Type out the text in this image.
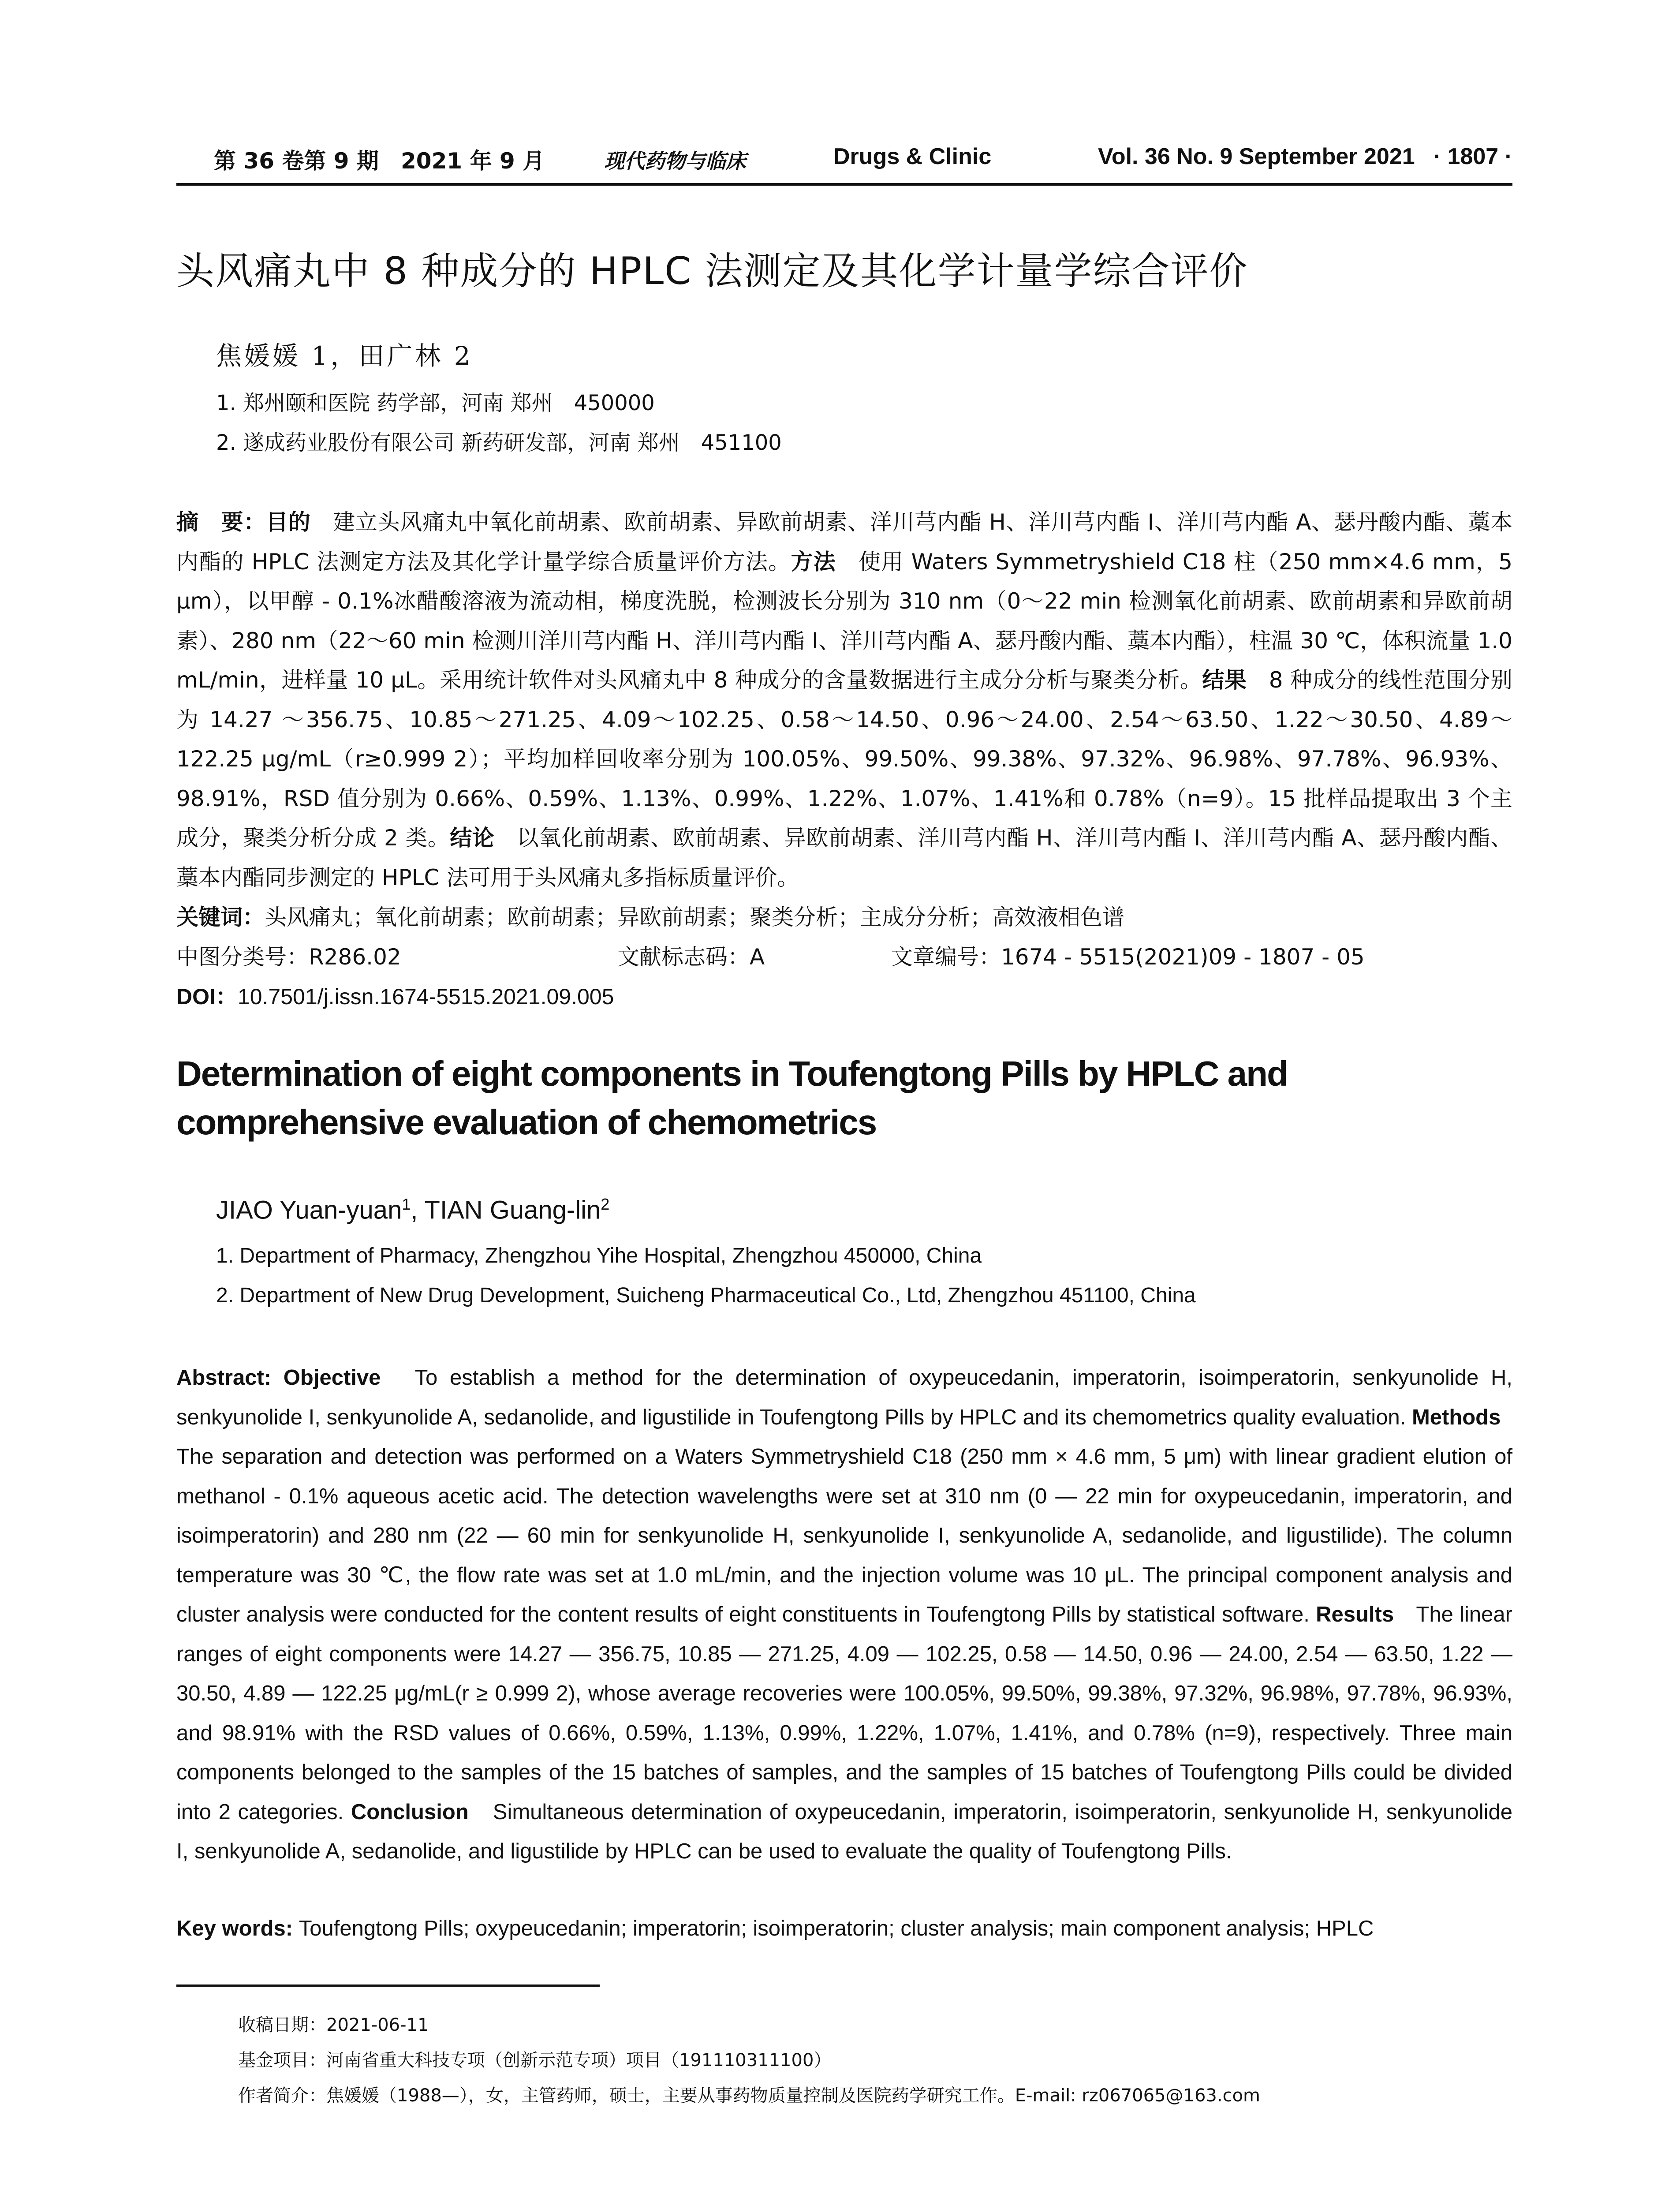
第 36 卷第 9 期　2021 年 9 月	现代药物与临床	Drugs & Clinic	Vol. 36 No. 9 September 2021 · 1807 ·
头风痛丸中 8 种成分的 HPLC 法测定及其化学计量学综合评价
焦媛媛 1，田广林 2
1. 郑州颐和医院 药学部，河南 郑州　450000
2. 遂成药业股份有限公司 新药研发部，河南 郑州　451100
摘　要：目的　建立头风痛丸中氧化前胡素、欧前胡素、异欧前胡素、洋川芎内酯 H、洋川芎内酯 I、洋川芎内酯 A、瑟丹酸内酯、藁本内酯的 HPLC 法测定方法及其化学计量学综合质量评价方法。方法　使用 Waters Symmetryshield C18 柱（250 mm×4.6 mm，5 μm），以甲醇 - 0.1%冰醋酸溶液为流动相，梯度洗脱，检测波长分别为 310 nm（0～22 min 检测氧化前胡素、欧前胡素和异欧前胡素）、280 nm（22～60 min 检测川洋川芎内酯 H、洋川芎内酯 I、洋川芎内酯 A、瑟丹酸内酯、藁本内酯），柱温 30 ℃，体积流量 1.0 mL/min，进样量 10 μL。采用统计软件对头风痛丸中 8 种成分的含量数据进行主成分分析与聚类分析。结果　8 种成分的线性范围分别为 14.27 ～356.75、10.85～271.25、4.09～102.25、0.58～14.50、0.96～24.00、2.54～63.50、1.22～30.50、4.89～122.25 μg/mL（r≥0.999 2）；平均加样回收率分别为 100.05%、99.50%、99.38%、97.32%、96.98%、97.78%、96.93%、98.91%，RSD 值分别为 0.66%、0.59%、1.13%、0.99%、1.22%、1.07%、1.41%和 0.78%（n=9）。15 批样品提取出 3 个主成分，聚类分析分成 2 类。结论　以氧化前胡素、欧前胡素、异欧前胡素、洋川芎内酯 H、洋川芎内酯 I、洋川芎内酯 A、瑟丹酸内酯、藁本内酯同步测定的 HPLC 法可用于头风痛丸多指标质量评价。
关键词：头风痛丸；氧化前胡素；欧前胡素；异欧前胡素；聚类分析；主成分分析；高效液相色谱
中图分类号：R286.02	文献标志码：A	文章编号：1674 - 5515(2021)09 - 1807 - 05
DOI：10.7501/j.issn.1674-5515.2021.09.005
Determination of eight components in Toufengtong Pills by HPLC and comprehensive evaluation of chemometrics
JIAO Yuan-yuan$^1$, TIAN Guang-lin$^2$
1. Department of Pharmacy, Zhengzhou Yihe Hospital, Zhengzhou 450000, China
2. Department of New Drug Development, Suicheng Pharmaceutical Co., Ltd, Zhengzhou 451100, China
Abstract: Objective　To establish a method for the determination of oxypeucedanin, imperatorin, isoimperatorin, senkyunolide H, senkyunolide I, senkyunolide A, sedanolide, and ligustilide in Toufengtong Pills by HPLC and its chemometrics quality evaluation. Methods　The separation and detection was performed on a Waters Symmetryshield C18 (250 mm × 4.6 mm, 5 μm) with linear gradient elution of methanol - 0.1% aqueous acetic acid. The detection wavelengths were set at 310 nm (0 — 22 min for oxypeucedanin, imperatorin, and isoimperatorin) and 280 nm (22 — 60 min for senkyunolide H, senkyunolide I, senkyunolide A, sedanolide, and ligustilide). The column temperature was 30 ℃, the flow rate was set at 1.0 mL/min, and the injection volume was 10 μL. The principal component analysis and cluster analysis were conducted for the content results of eight constituents in Toufengtong Pills by statistical software. Results　The linear ranges of eight components were 14.27 — 356.75, 10.85 — 271.25, 4.09 — 102.25, 0.58 — 14.50, 0.96 — 24.00, 2.54 — 63.50, 1.22 — 30.50, 4.89 — 122.25 μg/mL(r ≥ 0.999 2), whose average recoveries were 100.05%, 99.50%, 99.38%, 97.32%, 96.98%, 97.78%, 96.93%, and 98.91% with the RSD values of 0.66%, 0.59%, 1.13%, 0.99%, 1.22%, 1.07%, 1.41%, and 0.78% (n=9), respectively. Three main components belonged to the samples of the 15 batches of samples, and the samples of 15 batches of Toufengtong Pills could be divided into 2 categories. Conclusion　Simultaneous determination of oxypeucedanin, imperatorin, isoimperatorin, senkyunolide H, senkyunolide I, senkyunolide A, sedanolide, and ligustilide by HPLC can be used to evaluate the quality of Toufengtong Pills.
Key words: Toufengtong Pills; oxypeucedanin; imperatorin; isoimperatorin; cluster analysis; main component analysis; HPLC
收稿日期：2021-06-11
基金项目：河南省重大科技专项（创新示范专项）项目（191110311100）
作者简介：焦媛媛（1988—），女，主管药师，硕士，主要从事药物质量控制及医院药学研究工作。E-mail: rz067065@163.com
